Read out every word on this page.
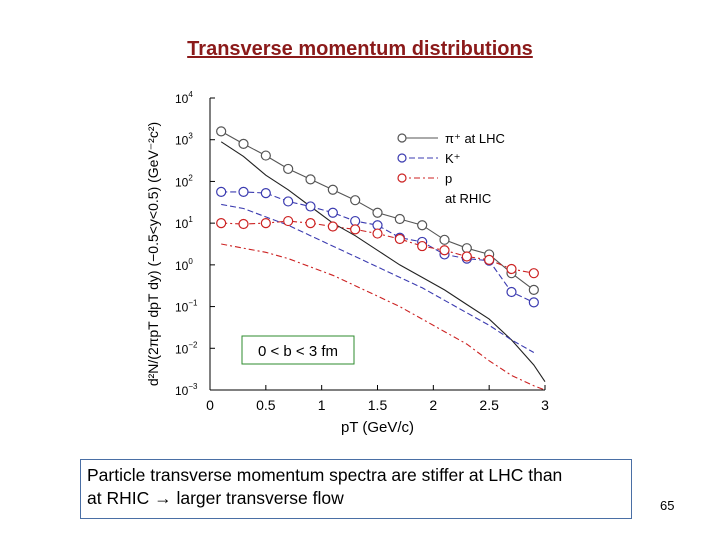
Transverse momentum distributions
d²N/(2πpT dpT dy) (−0.5<y<0.5) (GeV⁻²c²)
0	0.5	1	1.5	2	2.5	3
$10^4$
$10^3$
$10^2$
$10^1$
$10^0$
$10^{-1}$
$10^{-2}$
$10^{-3}$
π⁺ at LHC
K⁺
p
at RHIC
0 < b < 3 fm
pT (GeV/c)
Particle transverse momentum spectra are stiffer at LHC than
at RHIC → larger transverse flow	65
